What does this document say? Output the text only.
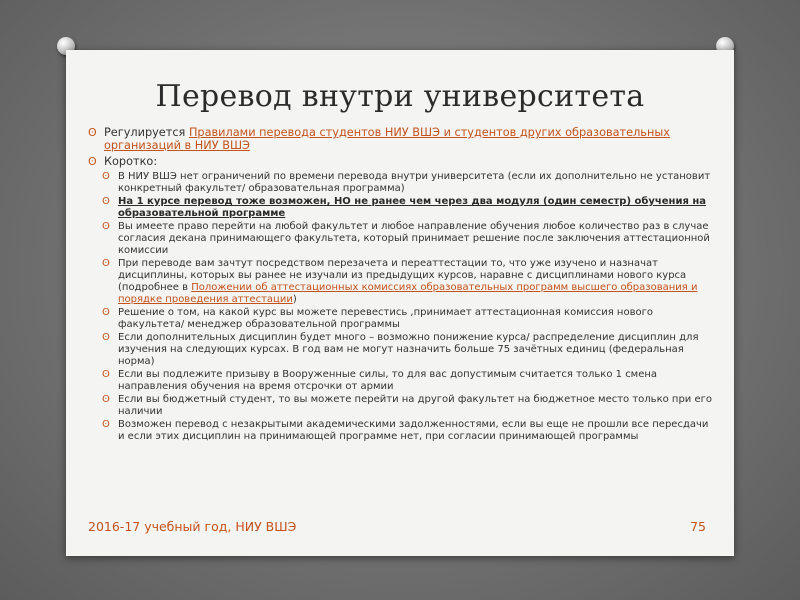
Перевод внутри университета
ʘ Регулируется Правилами перевода студентов НИУ ВШЭ и студентов других образовательных организаций в НИУ ВШЭ
ʘ Коротко:
ʘ В НИУ ВШЭ нет ограничений по времени перевода внутри университета (если их дополнительно не установит конкретный факультет/ образовательная программа)
ʘ На 1 курсе перевод тоже возможен, НО не ранее чем через два модуля (один семестр) обучения на образовательной программе
ʘ Вы имеете право перейти на любой факультет и любое направление обучения любое количество раз в случае согласия декана принимающего факультета, который принимает решение после заключения аттестационной комиссии
ʘ При переводе вам зачтут посредством перезачета и переаттестации то, что уже изучено и назначат дисциплины, которых вы ранее не изучали из предыдущих курсов, наравне с дисциплинами нового курса (подробнее в Положении об аттестационных комиссиях образовательных программ высшего образования и порядке проведения аттестации)
ʘ Решение о том, на какой курс вы можете перевестись ,принимает аттестационная комиссия нового факультета/ менеджер образовательной программы
ʘ Если дополнительных дисциплин будет много – возможно понижение курса/ распределение дисциплин для изучения на следующих курсах. В год вам не могут назначить больше 75 зачётных единиц (федеральная норма)
ʘ Если вы подлежите призыву в Вооруженные силы, то для вас допустимым считается только 1 смена направления обучения на время отсрочки от армии
ʘ Если вы бюджетный студент, то вы можете перейти на другой факультет на бюджетное место только при его наличии
ʘ Возможен перевод с незакрытыми академическими задолженностями, если вы еще не прошли все пересдачи и если этих дисциплин на принимающей программе нет, при согласии принимающей программы
2016-17 учебный год, НИУ ВШЭ	75
